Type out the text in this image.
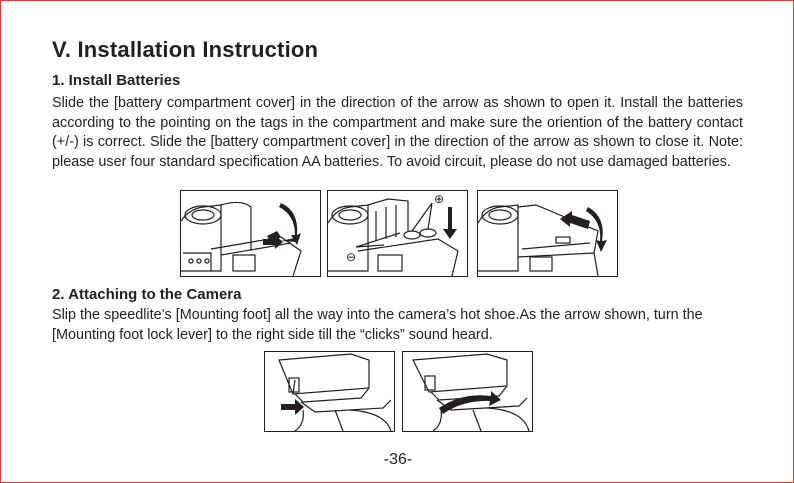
V. Installation Instruction
1. Install Batteries

Slide the [battery compartment cover] in the direction of the arrow as shown to open it. Install the batteries according to the pointing on the tags in the compartment and make sure the oriention of the battery contact (+/-) is correct. Slide the [battery compartment cover] in the direction of the arrow as shown to close it. Note: please user four standard specification AA batteries. To avoid circuit, please do not use damaged batteries.

⊕
⊖
2. Attaching to the Camera

Slip the speedlite’s [Mounting foot] all the way into the camera’s hot shoe.As the arrow shown, turn the [Mounting foot lock lever] to the right side till the “clicks” sound heard.

-36-
